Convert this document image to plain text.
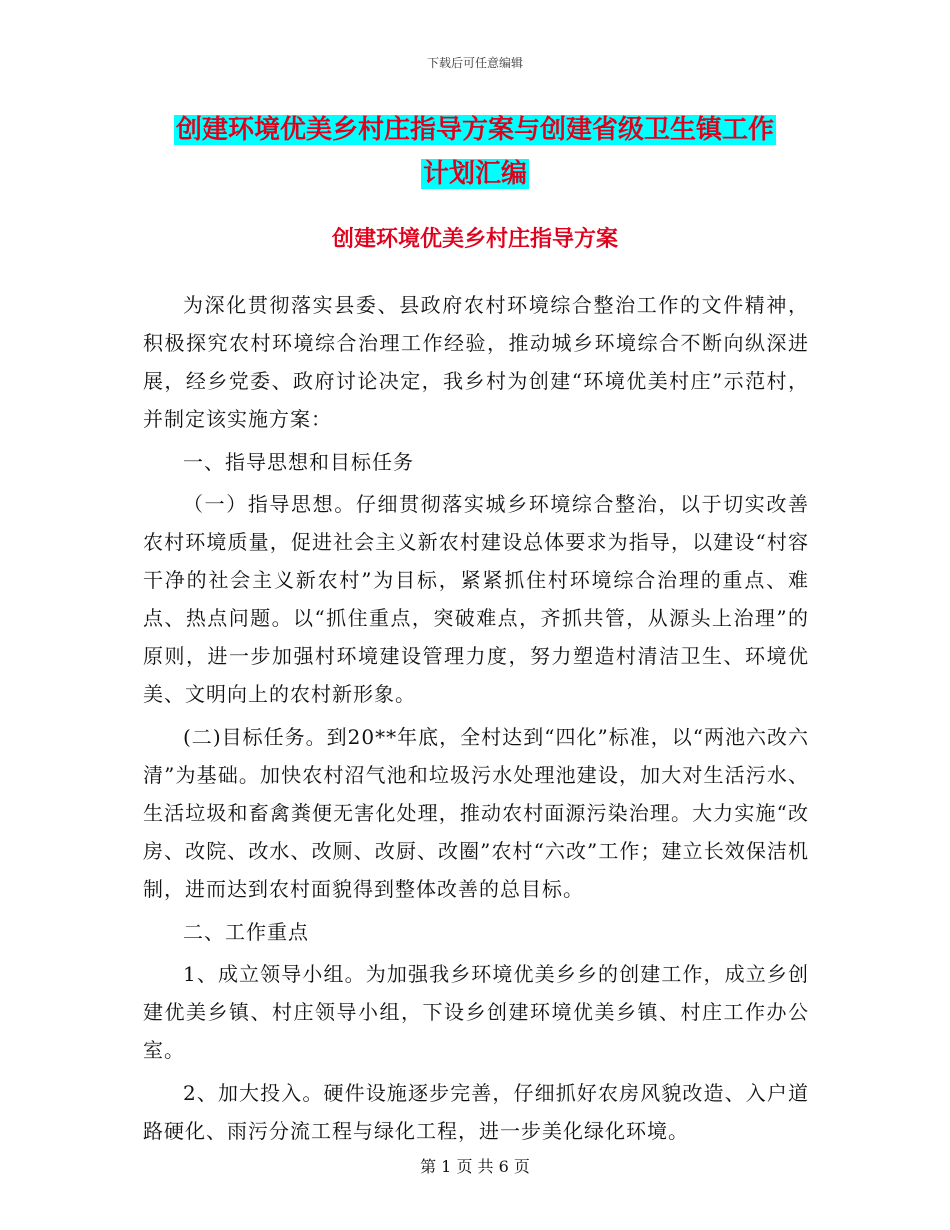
下载后可任意编辑
创建环境优美乡村庄指导方案与创建省级卫生镇工作
计划汇编
创建环境优美乡村庄指导方案

为深化贯彻落实县委、县政府农村环境综合整治工作的文件精神，积极探究农村环境综合治理工作经验，推动城乡环境综合不断向纵深进展，经乡党委、政府讨论决定，我乡村为创建“环境优美村庄”示范村，并制定该实施方案：

一、指导思想和目标任务

（一）指导思想。仔细贯彻落实城乡环境综合整治，以于切实改善农村环境质量，促进社会主义新农村建设总体要求为指导，以建设“村容干净的社会主义新农村”为目标，紧紧抓住村环境综合治理的重点、难点、热点问题。以“抓住重点，突破难点，齐抓共管，从源头上治理”的原则，进一步加强村环境建设管理力度，努力塑造村清洁卫生、环境优美、文明向上的农村新形象。

(二)目标任务。到20**年底，全村达到“四化”标准，以“两池六改六清”为基础。加快农村沼气池和垃圾污水处理池建设，加大对生活污水、生活垃圾和畜禽粪便无害化处理，推动农村面源污染治理。大力实施“改房、改院、改水、改厕、改厨、改圈”农村“六改”工作；建立长效保洁机制，进而达到农村面貌得到整体改善的总目标。

二、工作重点

1、成立领导小组。为加强我乡环境优美乡乡的创建工作，成立乡创建优美乡镇、村庄领导小组，下设乡创建环境优美乡镇、村庄工作办公室。

2、加大投入。硬件设施逐步完善，仔细抓好农房风貌改造、入户道路硬化、雨污分流工程与绿化工程，进一步美化绿化环境。

第 1 页 共 6 页
